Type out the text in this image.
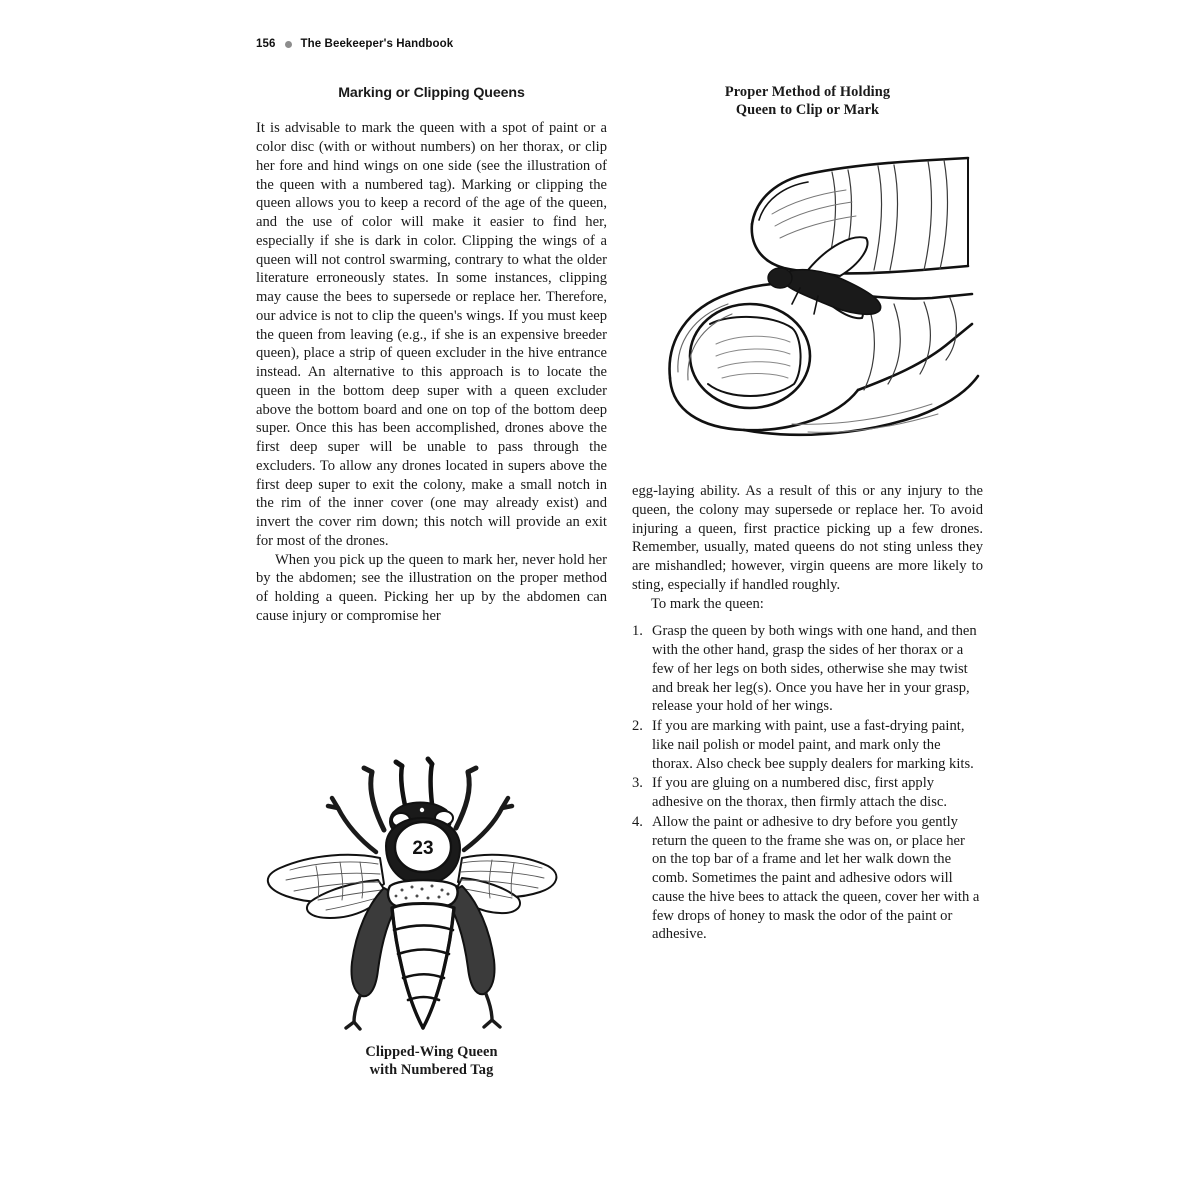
156 The Beekeeper's Handbook
Marking or Clipping Queens

It is advisable to mark the queen with a spot of paint or a color disc (with or without numbers) on her thorax, or clip her fore and hind wings on one side (see the illustration of the queen with a numbered tag). Marking or clipping the queen allows you to keep a record of the age of the queen, and the use of color will make it easier to find her, especially if she is dark in color. Clipping the wings of a queen will not control swarming, contrary to what the older literature erroneously states. In some instances, clipping may cause the bees to supersede or replace her. Therefore, our advice is not to clip the queen's wings. If you must keep the queen from leaving (e.g., if she is an expensive breeder queen), place a strip of queen excluder in the hive entrance instead. An alternative to this approach is to locate the queen in the bottom deep super with a queen excluder above the bottom board and one on top of the bottom deep super. Once this has been accomplished, drones above the first deep super will be unable to pass through the excluders. To allow any drones located in supers above the first deep super to exit the colony, make a small notch in the rim of the inner cover (one may already exist) and invert the cover rim down; this notch will provide an exit for most of the drones.

When you pick up the queen to mark her, never hold her by the abdomen; see the illustration on the proper method of holding a queen. Picking her up by the abdomen can cause injury or compromise her

Proper Method of Holding
Queen to Clip or Mark

egg-laying ability. As a result of this or any injury to the queen, the colony may supersede or replace her. To avoid injuring a queen, first practice picking up a few drones. Remember, usually, mated queens do not sting unless they are mishandled; however, virgin queens are more likely to sting, especially if handled roughly.

To mark the queen:

Grasp the queen by both wings with one hand, and then with the other hand, grasp the sides of her thorax or a few of her legs on both sides, otherwise she may twist and break her leg(s). Once you have her in your grasp, release your hold of her wings.
If you are marking with paint, use a fast-drying paint, like nail polish or model paint, and mark only the thorax. Also check bee supply dealers for marking kits.
If you are gluing on a numbered disc, first apply adhesive on the thorax, then firmly attach the disc.
Allow the paint or adhesive to dry before you gently return the queen to the frame she was on, or place her on the top bar of a frame and let her walk down the comb. Sometimes the paint and adhesive odors will cause the hive bees to attack the queen, cover her with a few drops of honey to mask the odor of the paint or adhesive.
23
Clipped-Wing Queen
with Numbered Tag
